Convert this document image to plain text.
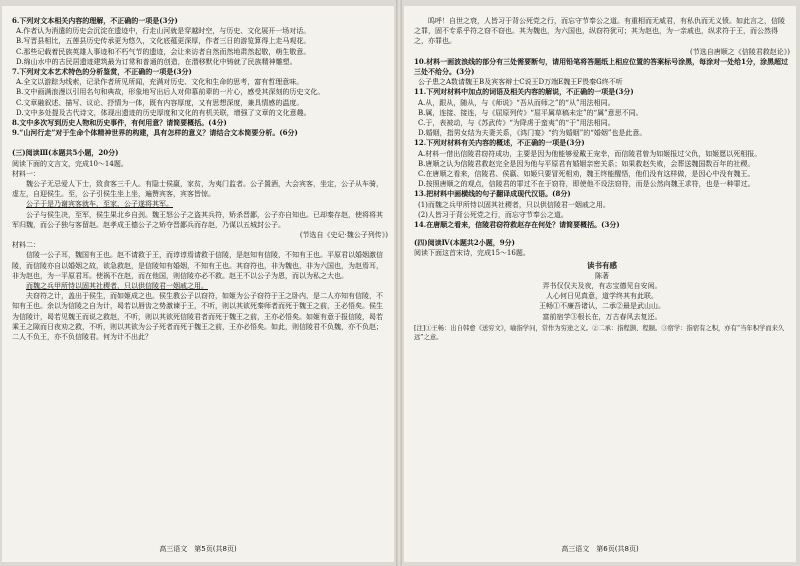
6.下列对文本相关内容的理解，不正确的一项是(3分)

A.作者认为消遣的历史会沉淀在遗迹中，行走山河就是穿越时空，与历史、文化展开一场对话。

B.写晋县相比，五莲县历史传承更为悠久，文化底蕴更深厚，作者三日的游览算得上走马观花。

C.那些记载着民族英雄人事迹和不朽气节的遗迹，会让来访者自然而然地肃然起敬，萌生敬意。

D.绵山水中的古民居遗迹建筑最为订常和普通的创造，在潜移默化中铸就了民族精神雕塑。

7.下列对文本艺术特色的分析鉴赏，不正确的一项是(3分)

A.全文以游踪为线索，记录作者所见所闻，充满对历史、文化和生命的思考，富有哲理意味。

B.文中画满浪漫以引用名句和典故，形象地写出后人对仰慕前辈的一片心，感受其深刻的历史文化。

C.文章融叙述、描写、议论、抒情为一体，既有内容厚度，又有思想深度，兼具情感的温度。

D.文中多处提及古代诗文，体现出遗迹的历史厚度和文化的有机关联，增强了文章的文化意趣。

8.文中多次写到历史人物和历史事件，有何用意？请简要概括。(4分)

9.“山河行走”对于生命个体精神世界的构建，具有怎样的意义？请结合文本简要分析。(6分)

(三)阅读Ⅲ(本题共5小题，20分)

阅读下面的文言文，完成10～14题。

材料一：

魏公子无忌爱人下士，致食客三千人。有隐士侯嬴，家贫，为夷门监者。公子置酒，大会宾客，坐定，公子从车骑，虚左，自迎侯生。至，公子引侯生坐上坐，遍赞宾客，宾客皆惊。

公子于是乃谢宾客就车，至家，公子遂将其军。

公子与侯生决，至军，侯生果北乡自刭。魏王怒公子之盗其兵符，矫杀晋鄙，公子亦自知也。已却秦存赵，使将将其军归魏，而公子独与客留赵。赵孝成王德公子之矫夺晋鄙兵而存赵，乃谋以五城封公子。

(节选自《史记·魏公子列传》)

材料二：

信陵一公子耳，魏国有王也。赵不请救于王，而谆谆焉请救于信陵，是赵知有信陵，不知有王也。平原君以婚姻激信陵，而信陵亦自以婚姻之故，欲急救赵，是信陵知有婚姻，不知有王也。其窃符也，非为魏也，非为六国也，为赵焉耳，非为赵也，为一平原君耳。使祸不在赵，而在他国，则信陵亦必不救。赵王不以公子为恩，而以为私之大也。

而魏之兵甲所恃以固其社稷者，只以供信陵君一姻戚之用。

夫窃符之计，盖出于侯生，而如姬成之也。侯生教公子以窃符，如姬为公子窃符于王之卧内，是二人亦知有信陵，不知有王也。余以为信陵之自为计，曷若以唇齿之势激谏于王，不听，则以其欲死秦师者而死于魏王之前，王必悟矣。侯生为信陵计，曷若见魏王而说之救赵，不听，则以其欲死信陵君者而死于魏王之前，王亦必悟矣。如姬有意于报信陵，曷若乘王之隙而日夜劝之救，不听，则以其欲为公子死者而死于魏王之前，王亦必悟矣。如此，则信陵君不负魏，亦不负赵；二人不负王，亦不负信陵君。何为计不出此？

高三语文　第5页(共8页)

呜呼！自世之衰，人皆习于背公死党之行，而忘守节奉公之道。有重相而无威君，有私仇而无义愤。如此言之，信陵之罪，固不专系乎符之窃不窃也。其为魏也，为六国也，纵窃符犹可；其为赵也，为一亲戚也，纵求符于王，而公然得之，亦罪也。

(节选自唐顺之《信陵君救赵论》)

10.材料一画波浪线的部分有三处需要断句，请用铅笔将答题纸上相应位置的答案标号涂黑，每涂对一处给1分，涂黑超过三处不给分。(3分)

公子患之A数请魏王B及宾客辩士C说王D万端E魏王F畏秦G终不听

11.下列对材料中加点的词语及相关内容的解说，不正确的一项是(3分)

A.从，跟从，随从，与《师说》“吾从而师之”的“从”用法相同。

B.属，连接、接连，与《屈原列传》“屈平属草稿未定”的“属”意思不同。

C.于，表被动，与《苏武传》“为降虏于蛮夷”的“于”用法相同。

D.婚姻，指男女结为夫妻关系，《鸿门宴》“约为婚姻”的“婚姻”也是此意。

12.下列对材料有关内容的概述，不正确的一项是(3分)

A.材料一借出信陵君窃符成功，主要是因为他能够爱戴王宠幸，而信陵君曾为如姬报过父仇，如姬愿以死相报。

B.唐顺之认为信陵君救赵完全是因为他与平原君有婚姻亲密关系；如果救赵失败，会葬送魏国数百年的社稷。

C.在唐顺之看来，信陵君、侯嬴、如姬只要冒死相劝，魏王终能醒悟，他们没有这样做，是因心中没有魏王。

D.按照唐顺之的观点，信陵君的罪过不在于窃符，即使他不设法窃符，而是公然向魏王求符，也是一种罪过。

13.把材料中画横线的句子翻译成现代汉语。(8分)

(1)而魏之兵甲所恃以固其社稷者，只以供信陵君一姻戚之用。

(2)人皆习于背公死党之行，而忘守节奉公之道。

14.在唐顺之看来，信陵君窃符救赵存在何处？请简要概括。(3分)

(四)阅读Ⅳ(本题共2小题，9分)

阅读下面这首宋诗，完成15～16题。

读书有感

陈著

弄书仅仅夫及夜，有志宝德见自安闲。

人心何日见真意，道学终其有此联。

王畅①不廉吾诸认，二承②最是武山山。

富前宿学③根长在，万古春风去复还。

[注]①王畅：出自韩愈《送穷文》，喻指学问，常作为穷途之义。②二承：指程颢、程颐。③宿学：指宿有之积，亦有“当年积学而来久远”之意。

高三语文　第6页(共8页)
